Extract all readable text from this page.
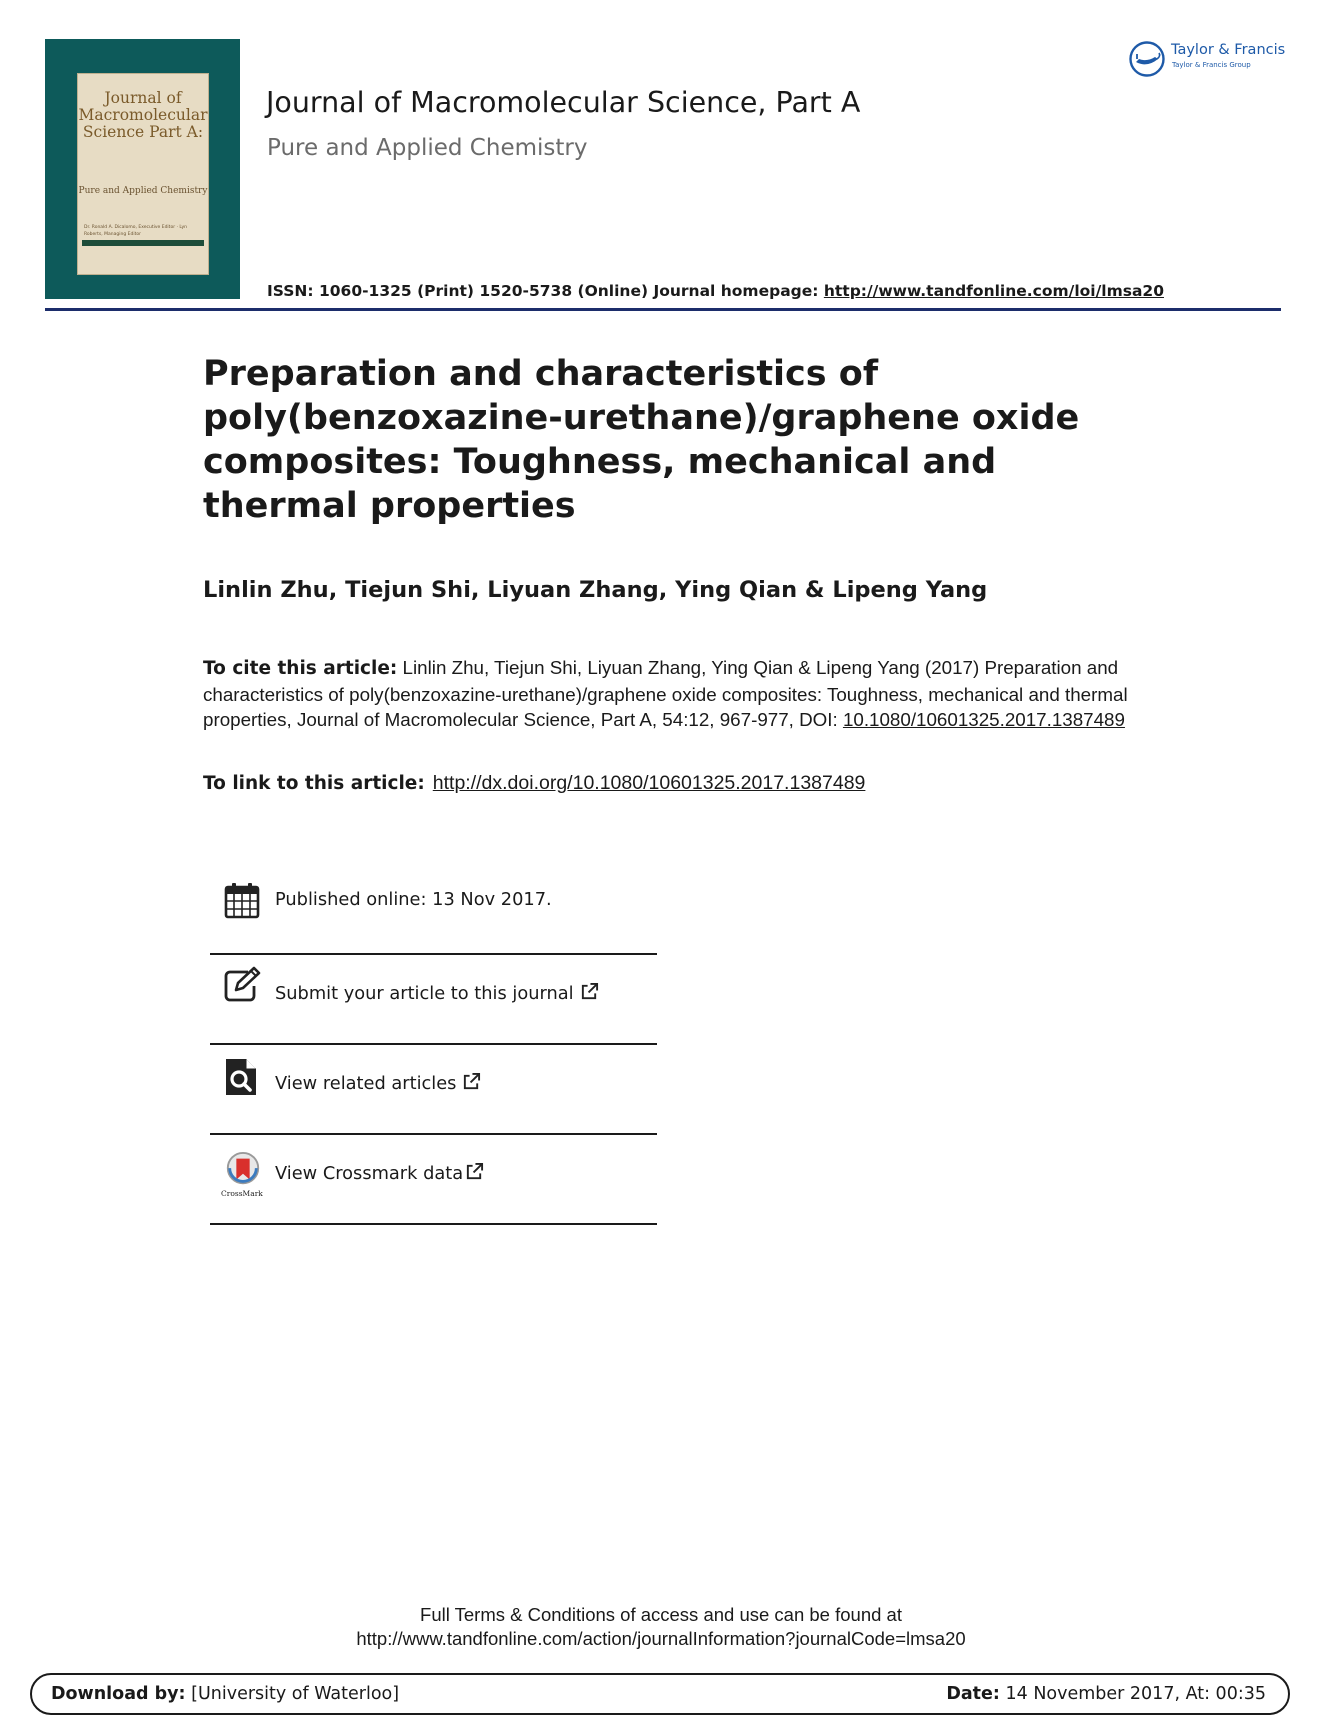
Journal of
Macromolecular
Science Part A:
Pure and Applied Chemistry
Dr. Ronald A. Dicalomo, Executive Editor · Lyn Roberts, Managing Editor
Journal of Macromolecular Science, Part A
Pure and Applied Chemistry
ISSN: 1060-1325 (Print) 1520-5738 (Online) Journal homepage: http://www.tandfonline.com/loi/lmsa20
Taylor & Francis
Taylor & Francis Group
Preparation and characteristics of poly(benzoxazine-urethane)/graphene oxide composites: Toughness, mechanical and thermal properties
Linlin Zhu, Tiejun Shi, Liyuan Zhang, Ying Qian & Lipeng Yang
To cite this article: Linlin Zhu, Tiejun Shi, Liyuan Zhang, Ying Qian & Lipeng Yang (2017) Preparation and characteristics of poly(benzoxazine-urethane)/graphene oxide composites: Toughness, mechanical and thermal properties, Journal of Macromolecular Science, Part A, 54:12, 967-977, DOI: 10.1080/10601325.2017.1387489
To link to this article: http://dx.doi.org/10.1080/10601325.2017.1387489
Published online: 13 Nov 2017.
Submit your article to this journal
View related articles
CrossMark
View Crossmark data
Full Terms & Conditions of access and use can be found at
http://www.tandfonline.com/action/journalInformation?journalCode=lmsa20
Download by: [University of Waterloo]	Date: 14 November 2017, At: 00:35
